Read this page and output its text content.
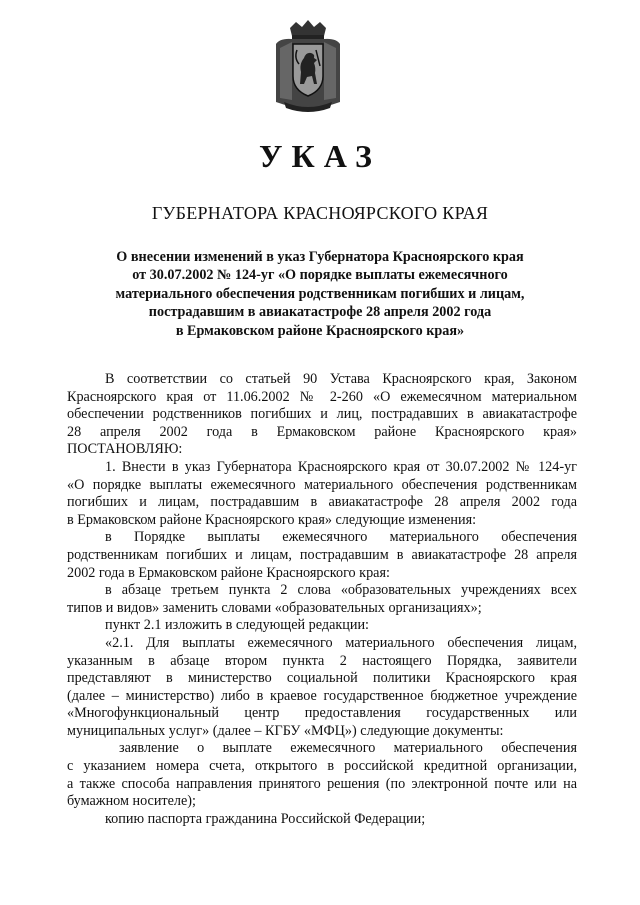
УКАЗ
ГУБЕРНАТОРА КРАСНОЯРСКОГО КРАЯ
О внесении изменений в указ Губернатора Красноярского края
от 30.07.2002 № 124-уг «О порядке выплаты ежемесячного
материального обеспечения родственникам погибших и лицам,
пострадавшим в авиакатастрофе 28 апреля 2002 года
в Ермаковском районе Красноярского края»
В соответствии со статьей 90 Устава Красноярского края, Законом
Красноярского края от 11.06.2002 № 2-260 «О ежемесячном материальном
обеспечении родственников погибших и лиц, пострадавших в авиакатастрофе
28 апреля 2002 года в Ермаковском районе Красноярского края»
ПОСТАНОВЛЯЮ:
1. Внести в указ Губернатора Красноярского края от 30.07.2002 № 124-уг
«О порядке выплаты ежемесячного материального обеспечения родственникам
погибших и лицам, пострадавшим в авиакатастрофе 28 апреля 2002 года
в Ермаковском районе Красноярского края» следующие изменения:
в Порядке выплаты ежемесячного материального обеспечения
родственникам погибших и лицам, пострадавшим в авиакатастрофе 28 апреля
2002 года в Ермаковском районе Красноярского края:
в абзаце третьем пункта 2 слова «образовательных учреждениях всех
типов и видов» заменить словами «образовательных организациях»;
пункт 2.1 изложить в следующей редакции:
«2.1. Для выплаты ежемесячного материального обеспечения лицам,
указанным в абзаце втором пункта 2 настоящего Порядка, заявители
представляют в министерство социальной политики Красноярского края
(далее – министерство) либо в краевое государственное бюджетное учреждение
«Многофункциональный центр предоставления государственных или
муниципальных услуг» (далее – КГБУ «МФЦ») следующие документы:
заявление о выплате ежемесячного материального обеспечения
с указанием номера счета, открытого в российской кредитной организации,
а также способа направления принятого решения (по электронной почте или на
бумажном носителе);
копию паспорта гражданина Российской Федерации;
